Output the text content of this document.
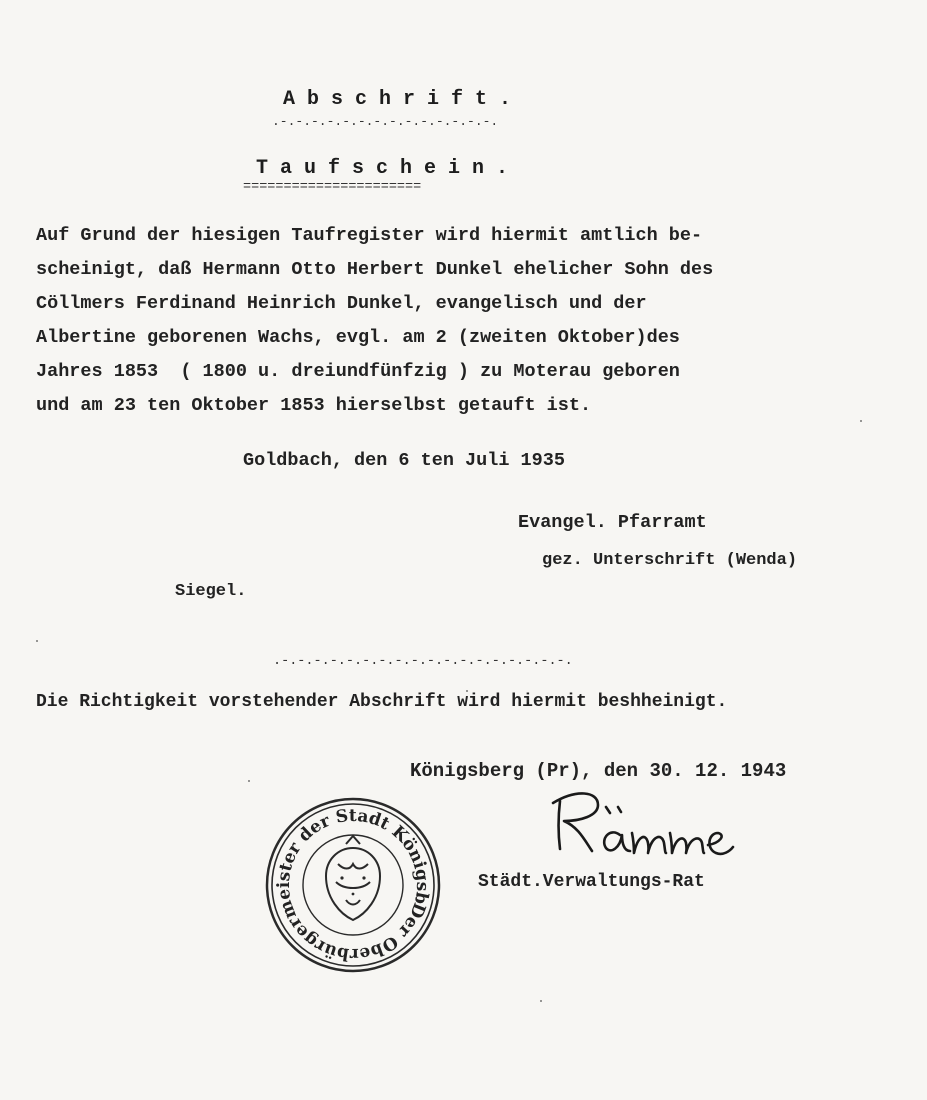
A b s c h r i f t .
.-.-.-.-.-.-.-.-.-.-.-.-.-.-.
T a u f s c h e i n .
======================
Auf Grund der hiesigen Taufregister wird hiermit amtlich be-
scheinigt, daß Hermann Otto Herbert Dunkel ehelicher Sohn des
Cöllmers Ferdinand Heinrich Dunkel, evangelisch und der
Albertine geborenen Wachs, evgl. am 2 (zweiten Oktober)des
Jahres 1853  ( 1800 u. dreiundfünfzig ) zu Moterau geboren
und am 23 ten Oktober 1853 hierselbst getauft ist.
Goldbach, den 6 ten Juli 1935
Evangel. Pfarramt
gez. Unterschrift (Wenda)
Siegel.
.-.-.-.-.-.-.-.-.-.-.-.-.-.-.-.-.-.-.
Die Richtigkeit vorstehender Abschrift wird hiermit beshheinigt.
Königsberg (Pr), den 30. 12. 1943
Städt.Verwaltungs-Rat
Der Oberbürgermeister der Stadt Königsberg
